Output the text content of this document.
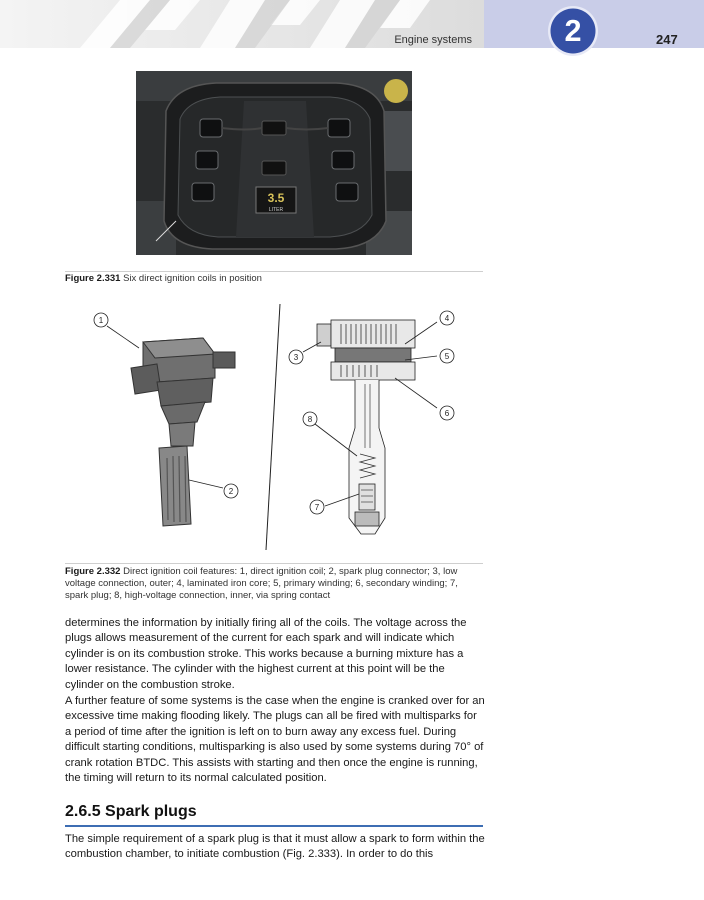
Engine systems	2	247
3.5
LITER
Figure 2.331 Six direct ignition coils in position
1
2
3
4
5
6
7
8
Figure 2.332 Direct ignition coil features: 1, direct ignition coil; 2, spark plug connector; 3, low voltage connection, outer; 4, laminated iron core; 5, primary winding; 6, secondary winding; 7, spark plug; 8, high-voltage connection, inner, via spring contact

determines the information by initially firing all of the coils. The voltage across the plugs allows measurement of the current for each spark and will indicate which cylinder is on its combustion stroke. This works because a burning mixture has a lower resistance. The cylinder with the highest current at this point will be the cylinder on the combustion stroke.

A further feature of some systems is the case when the engine is cranked over for an excessive time making flooding likely. The plugs can all be fired with multisparks for a period of time after the ignition is left on to burn away any excess fuel. During difficult starting conditions, multisparking is also used by some systems during 70° of crank rotation BTDC. This assists with starting and then once the engine is running, the timing will return to its normal calculated position.

2.6.5 Spark plugs

The simple requirement of a spark plug is that it must allow a spark to form within the combustion chamber, to initiate combustion (Fig. 2.333). In order to do this
